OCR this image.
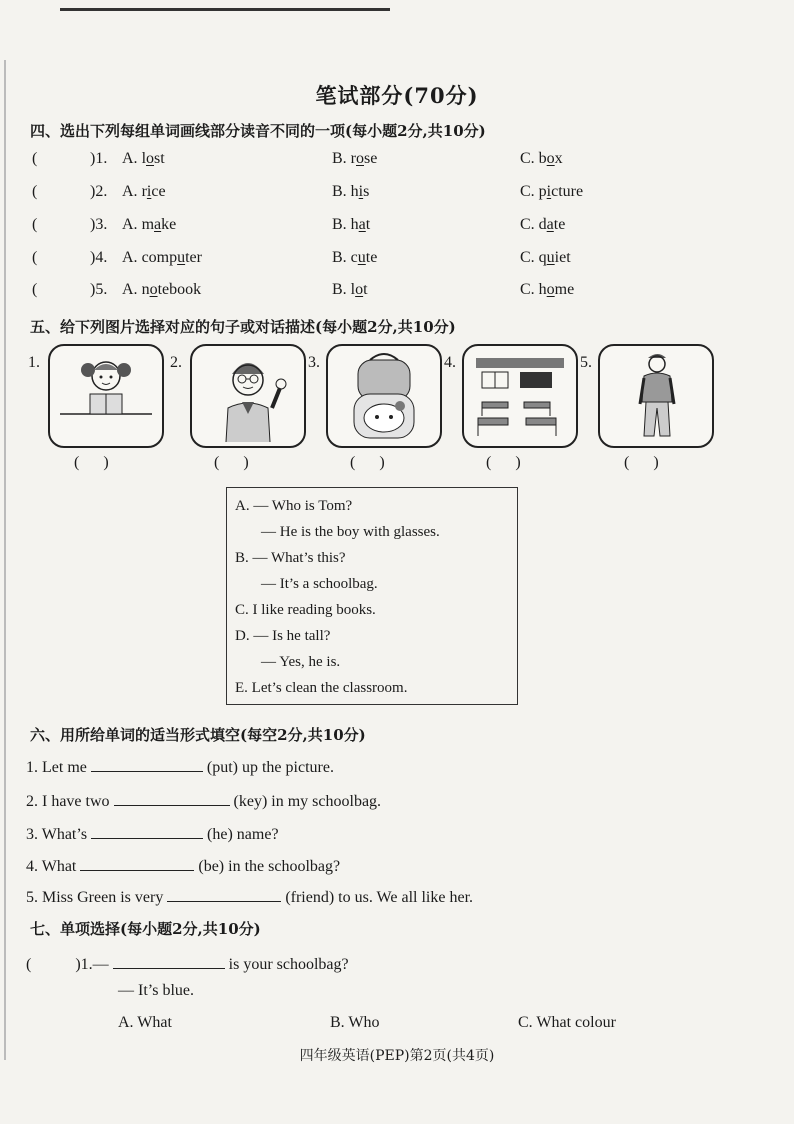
笔试部分(70分)
四、选出下列每组单词画线部分读音不同的一项(每小题2分,共10分)
(	)1. A. lost	B. rose	C. box
(	)2. A. rice	B. his	C. picture
(	)3. A. make	B. hat	C. date
(	)4. A. computer	B. cute	C. quiet
(	)5. A. notebook	B. lot	C. home
五、给下列图片选择对应的句子或对话描述(每小题2分,共10分)
1.	2.	3.	4.	5.
(      )	(      )	(      )	(      )	(      )
A. — Who is Tom?
— He is the boy with glasses.
B. — What’s this?
— It’s a schoolbag.
C. I like reading books.
D. — Is he tall?
— Yes, he is.
E. Let’s clean the classroom.
六、用所给单词的适当形式填空(每空2分,共10分)
1. Let me	(put) up the picture.
2. I have two	(key) in my schoolbag.
3. What’s	(he) name?
4. What	(be) in the schoolbag?
5. Miss Green is very	(friend) to us. We all like her.
七、单项选择(每小题2分,共10分)
(	)1.—	is your schoolbag?
— It’s blue.
A. What	B. Who	C. What colour
四年级英语(PEP)第2页(共4页)
